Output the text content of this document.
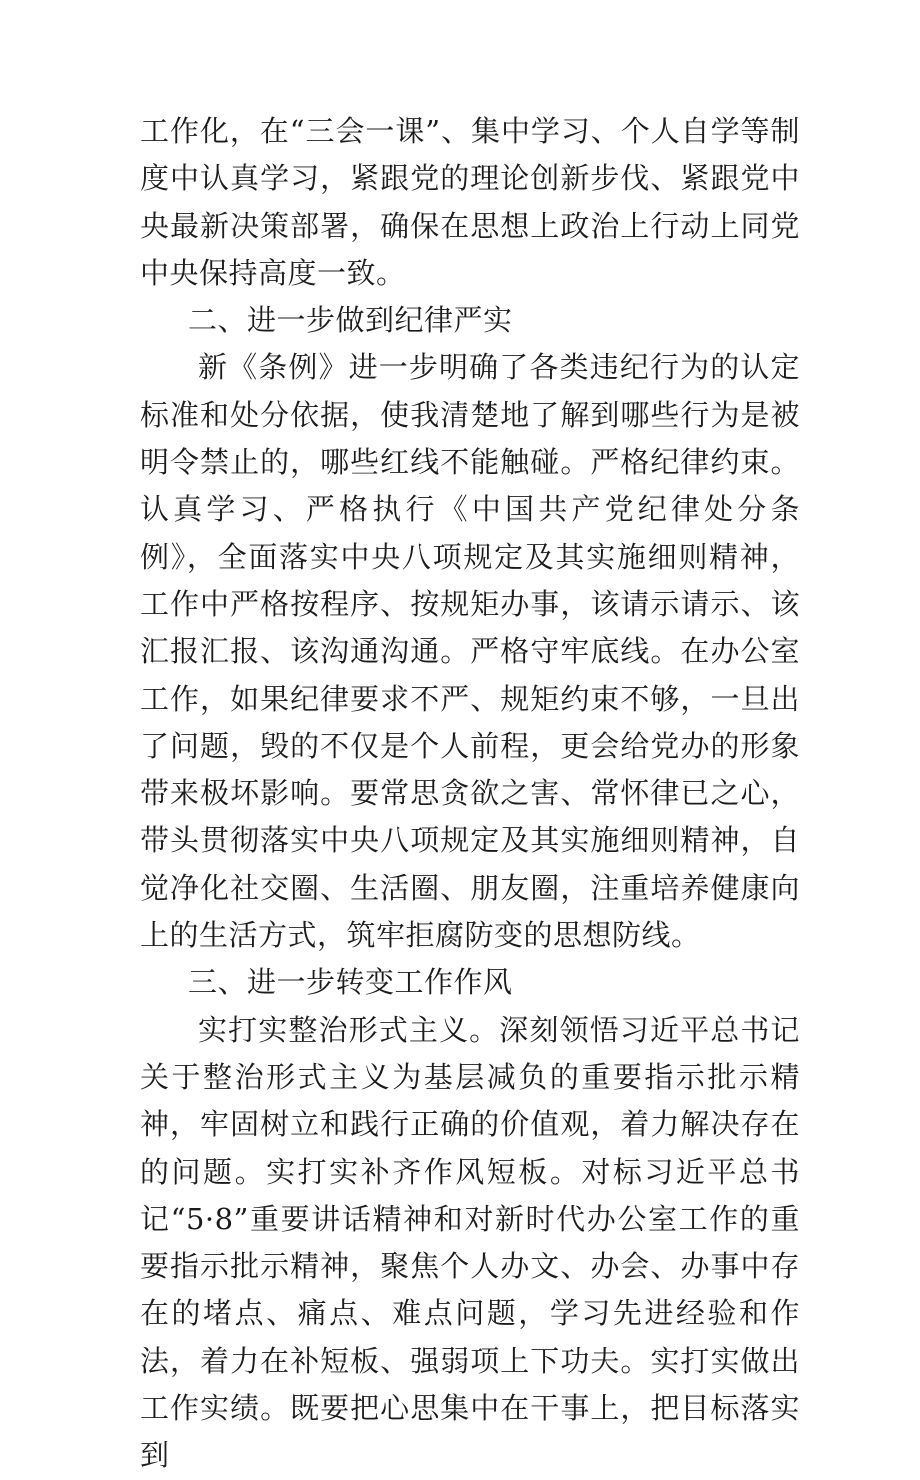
工作化，在“三会一课”、集中学习、个人自学等制度中认真学习，紧跟党的理论创新步伐、紧跟党中央最新决策部署，确保在思想上政治上行动上同党中央保持高度一致。

二、进一步做到纪律严实

新《条例》进一步明确了各类违纪行为的认定标准和处分依据，使我清楚地了解到哪些行为是被明令禁止的，哪些红线不能触碰。严格纪律约束。认真学习、严格执行《中国共产党纪律处分条例》，全面落实中央八项规定及其实施细则精神，工作中严格按程序、按规矩办事，该请示请示、该汇报汇报、该沟通沟通。严格守牢底线。在办公室工作，如果纪律要求不严、规矩约束不够，一旦出了问题，毁的不仅是个人前程，更会给党办的形象带来极坏影响。要常思贪欲之害、常怀律已之心，带头贯彻落实中央八项规定及其实施细则精神，自觉净化社交圈、生活圈、朋友圈，注重培养健康向上的生活方式，筑牢拒腐防变的思想防线。

三、进一步转变工作作风

实打实整治形式主义。深刻领悟习近平总书记关于整治形式主义为基层减负的重要指示批示精神，牢固树立和践行正确的价值观，着力解决存在的问题。实打实补齐作风短板。对标习近平总书记“5·8”重要讲话精神和对新时代办公室工作的重要指示批示精神，聚焦个人办文、办会、办事中存在的堵点、痛点、难点问题，学习先进经验和作法，着力在补短板、强弱项上下功夫。实打实做出工作实绩。既要把心思集中在干事上，把目标落实到
